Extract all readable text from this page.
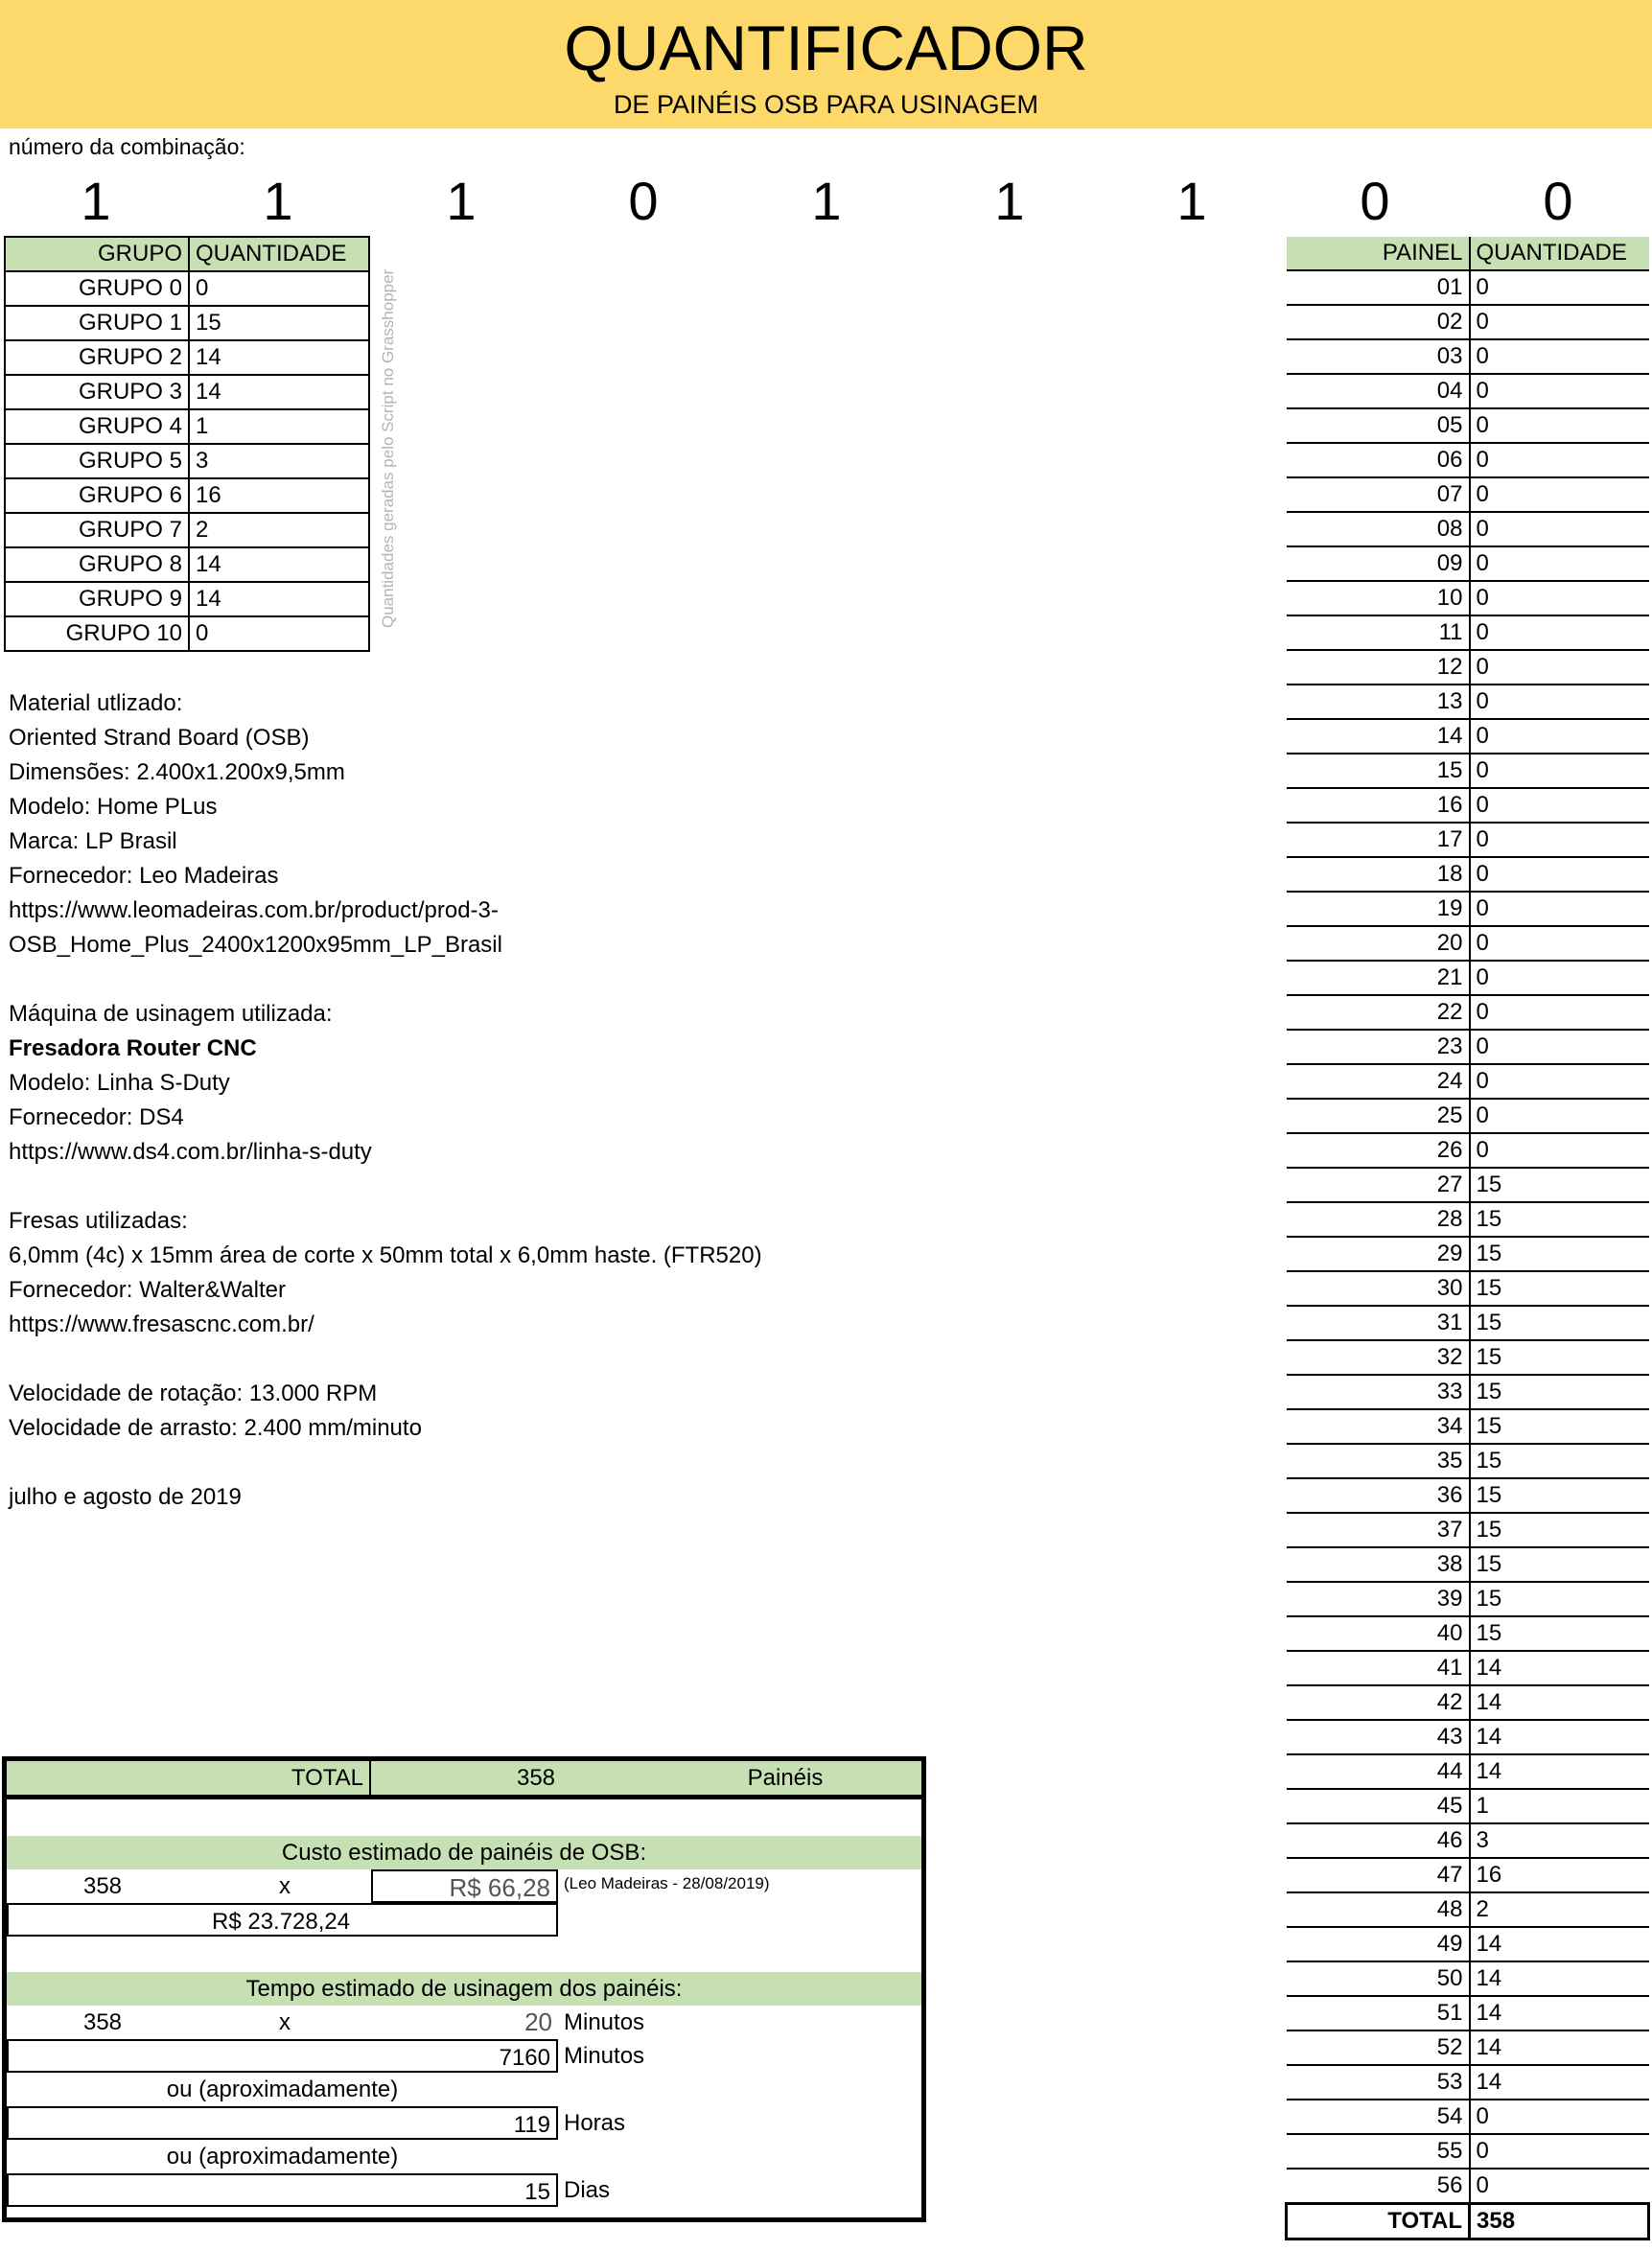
QUANTIFICADOR
DE PAINÉIS OSB PARA USINAGEM
número da combinação:
1	1	1	0	1	1	1	0	0
GRUPO	QUANTIDADE
GRUPO 0	0
GRUPO 1	15
GRUPO 2	14
GRUPO 3	14
GRUPO 4	1
GRUPO 5	3
GRUPO 6	16
GRUPO 7	2
GRUPO 8	14
GRUPO 9	14
GRUPO 10	0
Quantidades geradas pelo Script no Grasshopper
Material utlizado:
Oriented Strand Board (OSB)
Dimensões: 2.400x1.200x9,5mm
Modelo: Home PLus
Marca: LP Brasil
Fornecedor: Leo Madeiras
https://www.leomadeiras.com.br/product/prod-3-
OSB_Home_Plus_2400x1200x95mm_LP_Brasil
Máquina de usinagem utilizada:
Fresadora Router CNC
Modelo: Linha S-Duty
Fornecedor: DS4
https://www.ds4.com.br/linha-s-duty
Fresas utilizadas:
6,0mm (4c) x 15mm área de corte x 50mm total x 6,0mm haste. (FTR520)
Fornecedor: Walter&Walter
https://www.fresascnc.com.br/
Velocidade de rotação: 13.000 RPM
Velocidade de arrasto: 2.400 mm/minuto
julho e agosto de 2019
PAINEL	QUANTIDADE
01	0
02	0
03	0
04	0
05	0
06	0
07	0
08	0
09	0
10	0
11	0
12	0
13	0
14	0
15	0
16	0
17	0
18	0
19	0
20	0
21	0
22	0
23	0
24	0
25	0
26	0
27	15
28	15
29	15
30	15
31	15
32	15
33	15
34	15
35	15
36	15
37	15
38	15
39	15
40	15
41	14
42	14
43	14
44	14
45	1
46	3
47	16
48	2
49	14
50	14
51	14
52	14
53	14
54	0
55	0
56	0
TOTAL	358
TOTAL	358	Painéis
Custo estimado de painéis de OSB:
358	x	R$ 66,28 (Leo Madeiras - 28/08/2019)
R$ 23.728,24
Tempo estimado de usinagem dos painéis:
358	x	20 Minutos
7160 Minutos
ou (aproximadamente)
119 Horas
ou (aproximadamente)
15 Dias
